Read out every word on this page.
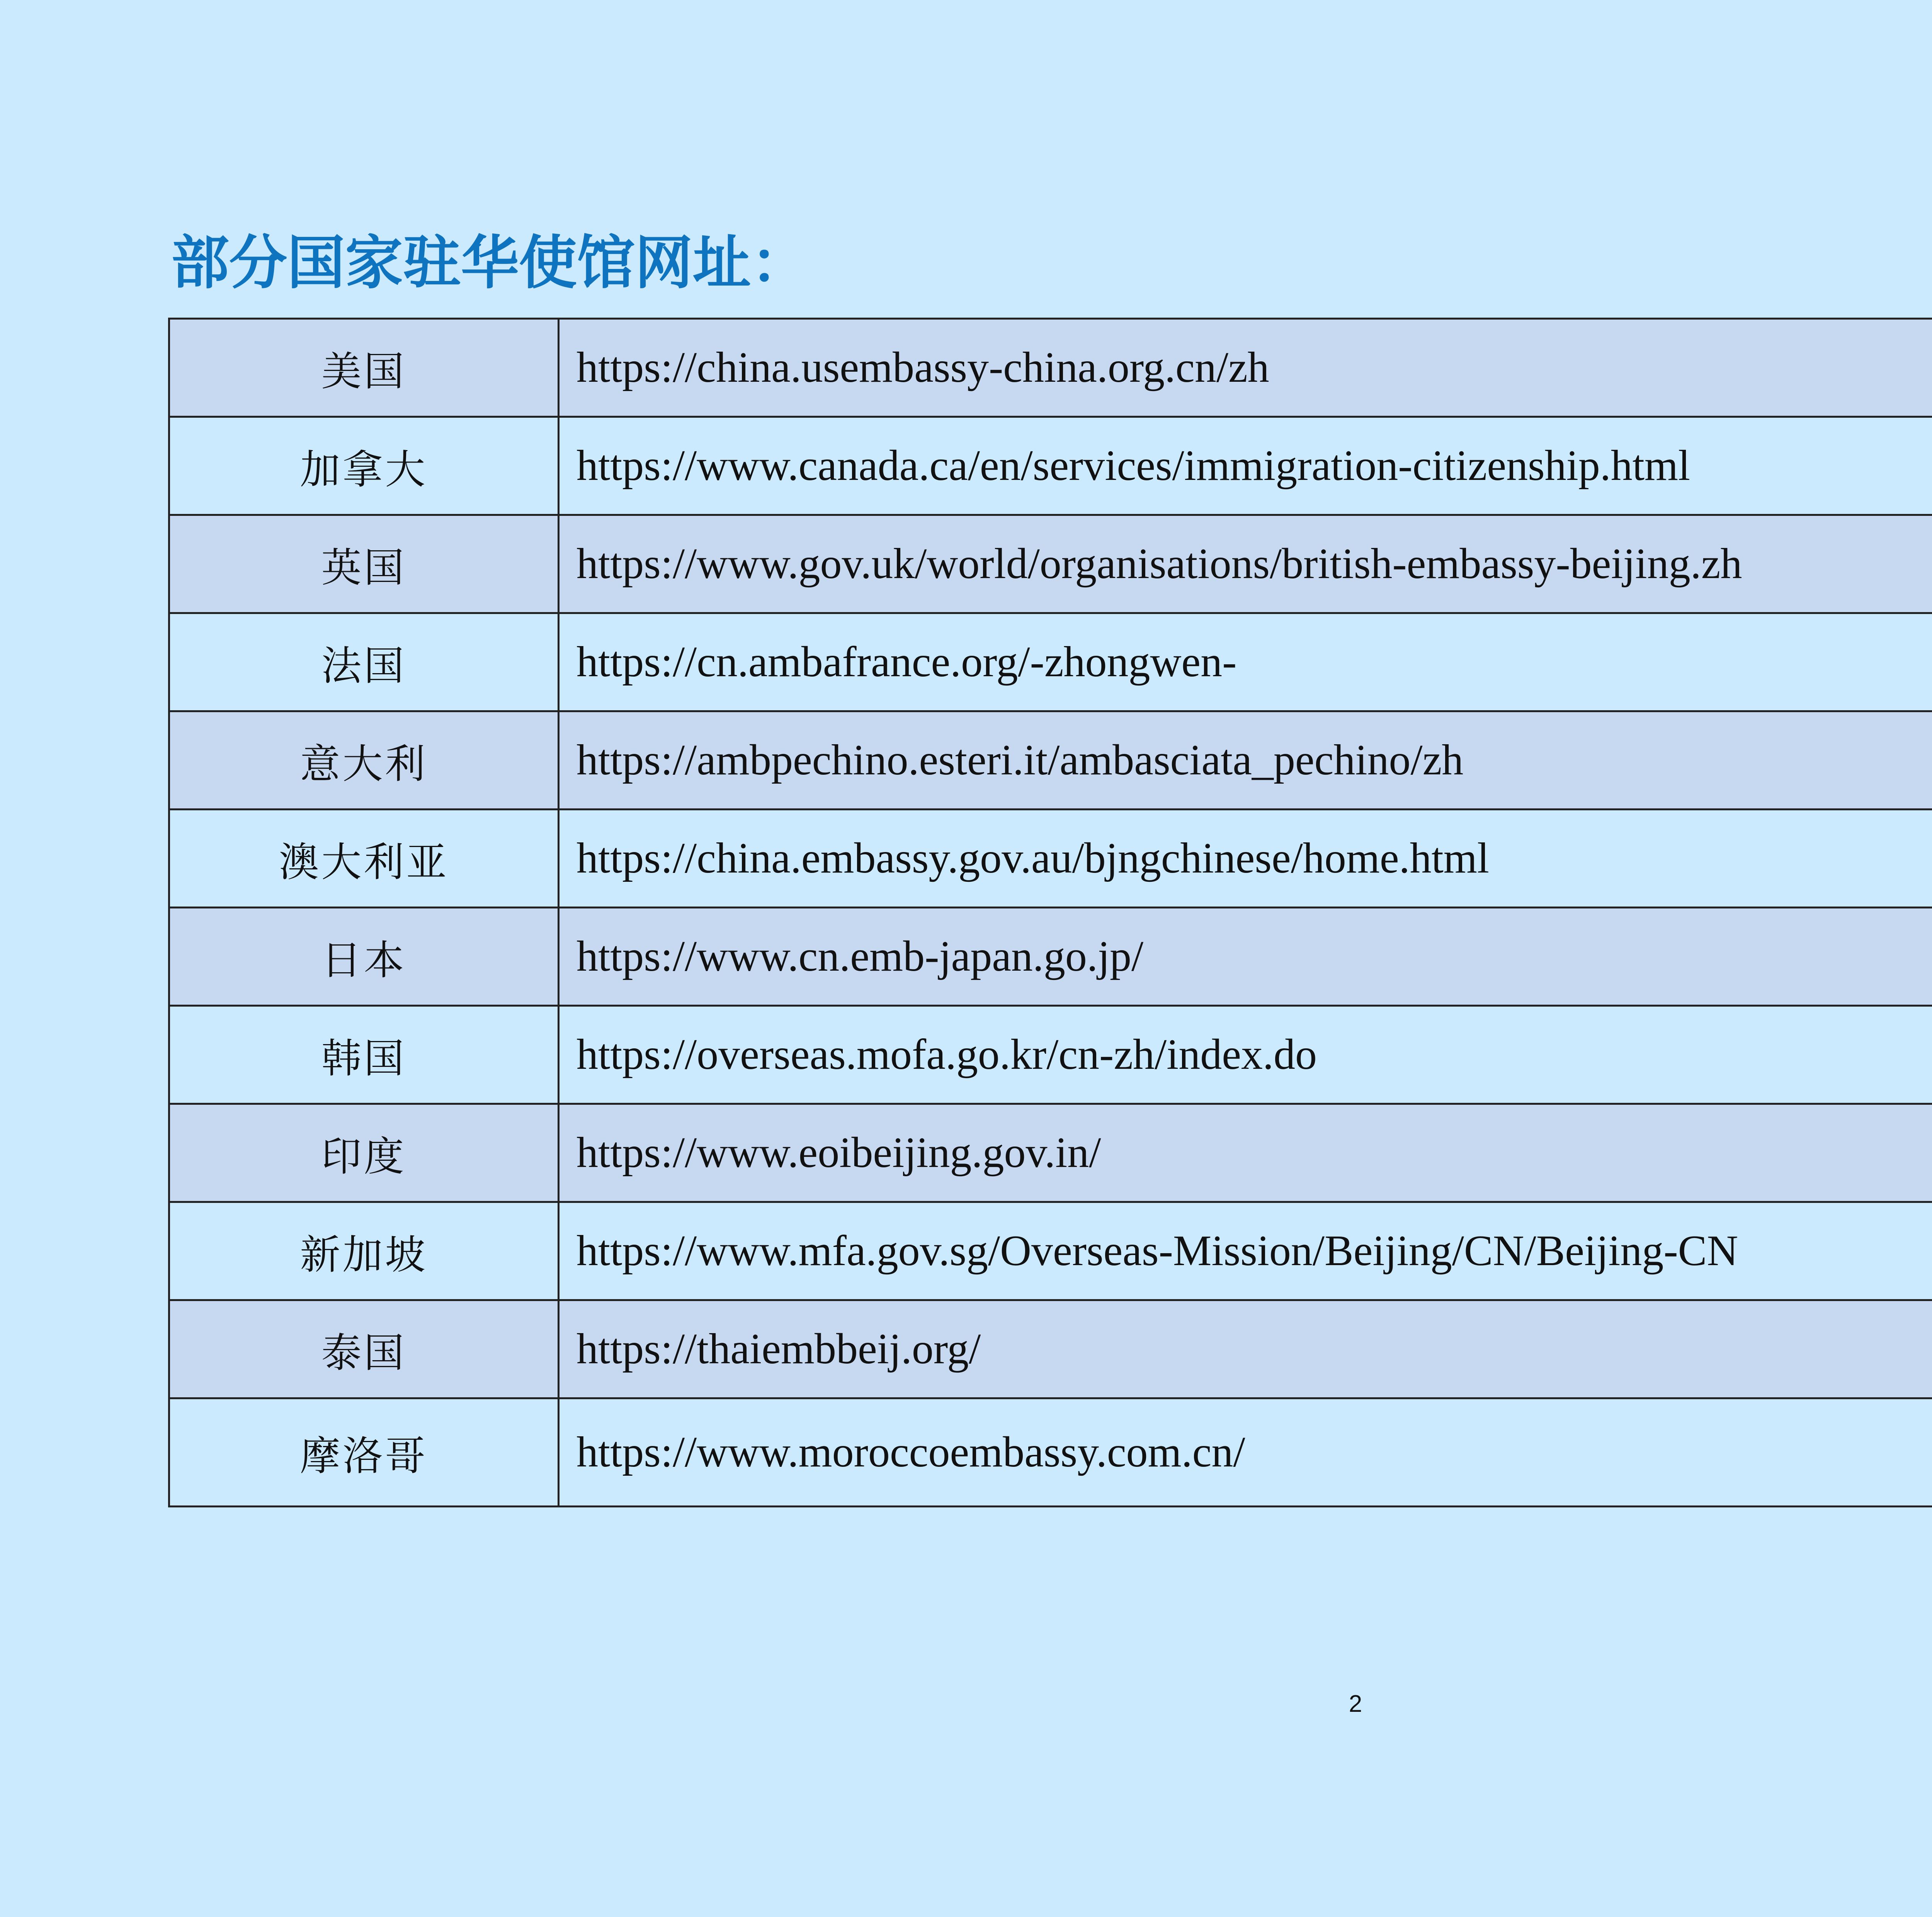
部分国家驻华使馆网址：
美国	https://china.usembassy-china.org.cn/zh
加拿大	https://www.canada.ca/en/services/immigration-citizenship.html
英国	https://www.gov.uk/world/organisations/british-embassy-beijing.zh
法国	https://cn.ambafrance.org/-zhongwen-
意大利	https://ambpechino.esteri.it/ambasciata_pechino/zh
澳大利亚	https://china.embassy.gov.au/bjngchinese/home.html
日本	https://www.cn.emb-japan.go.jp/
韩国	https://overseas.mofa.go.kr/cn-zh/index.do
印度	https://www.eoibeijing.gov.in/
新加坡	https://www.mfa.gov.sg/Overseas-Mission/Beijing/CN/Beijing-CN
泰国	https://thaiembbeij.org/
摩洛哥	https://www.moroccoembassy.com.cn/
2
